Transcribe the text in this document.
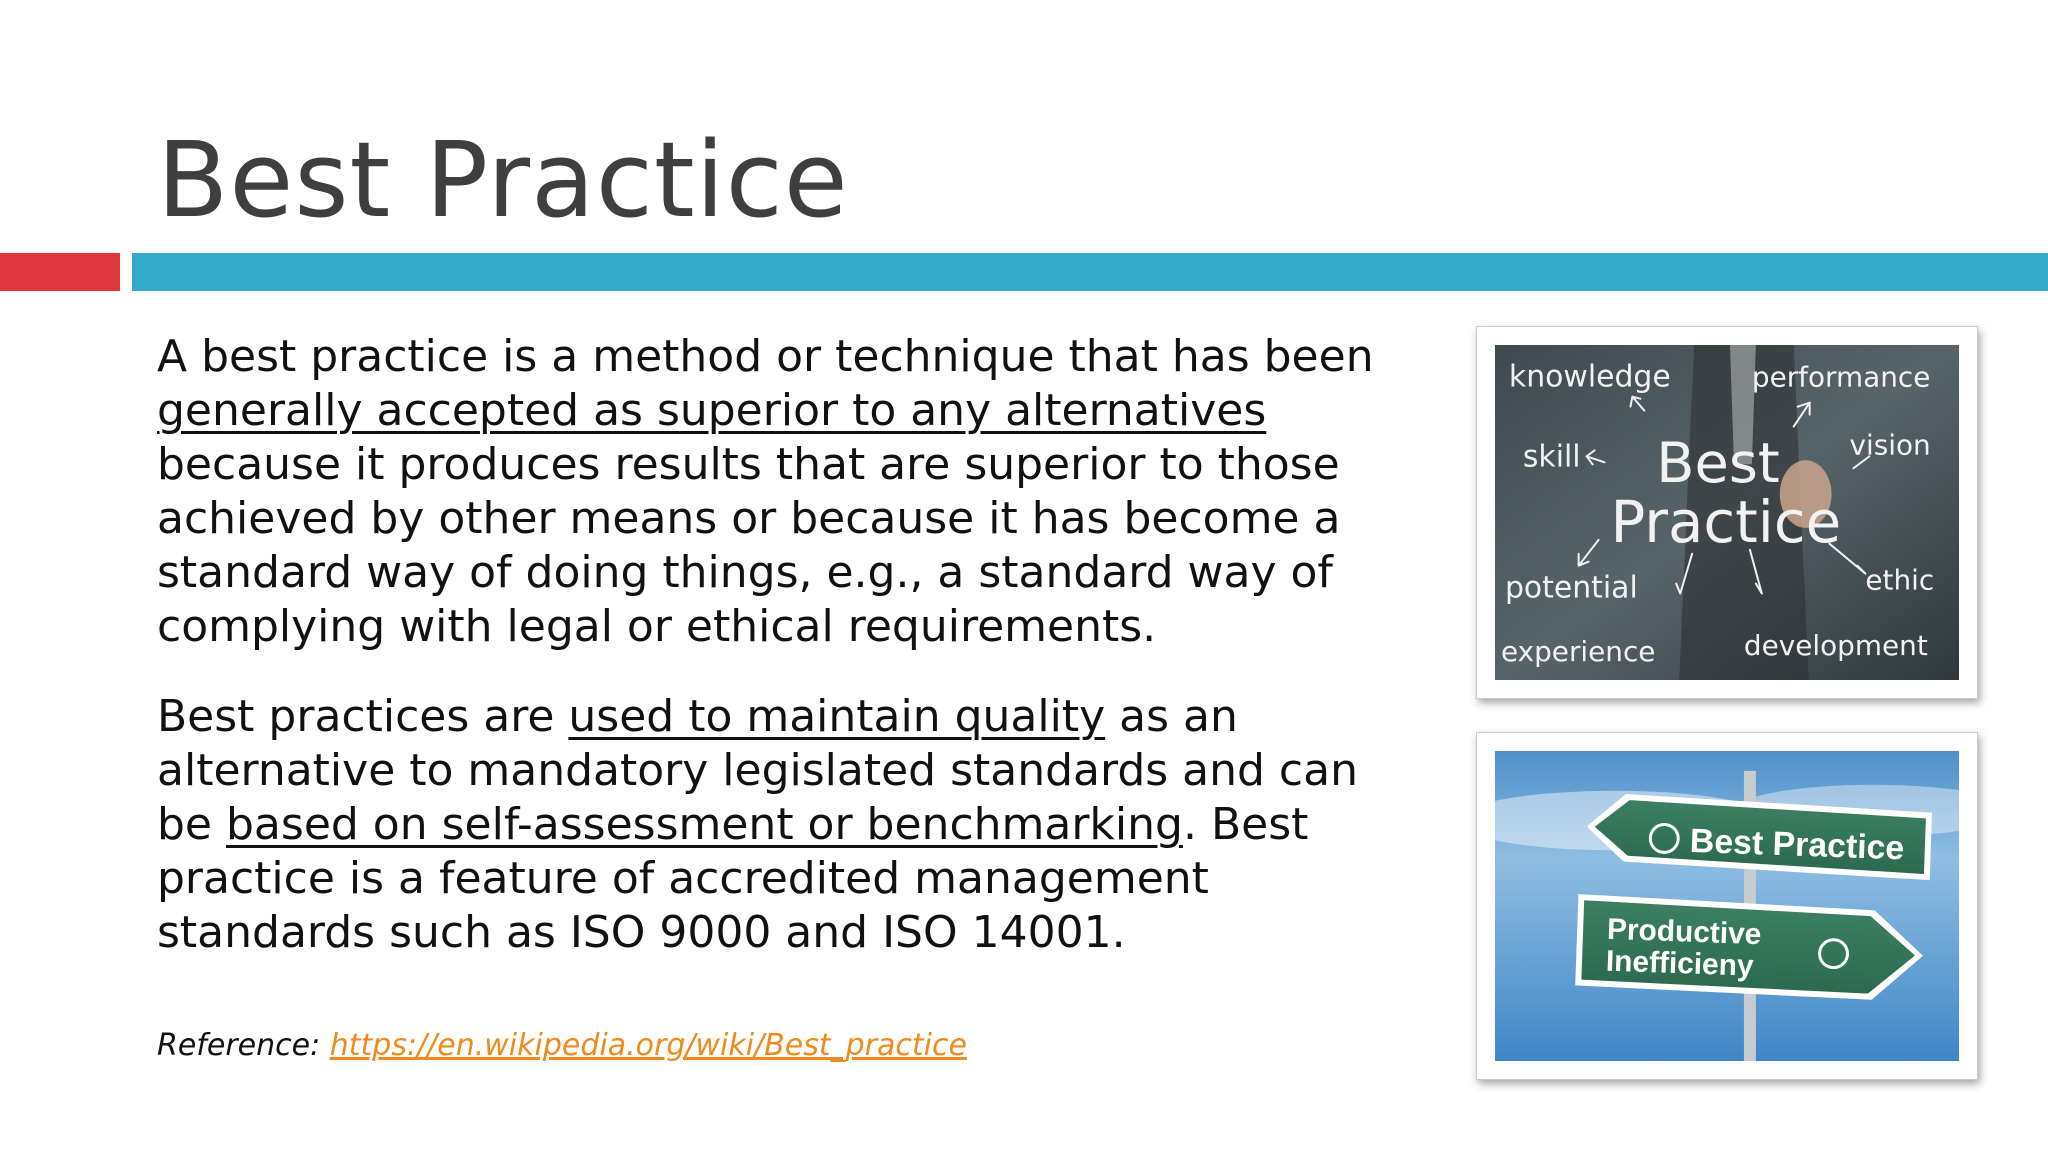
Best Practice

A best practice is a method or technique that has been generally accepted as superior to any alternatives because it produces results that are superior to those achieved by other means or because it has become a standard way of doing things, e.g., a standard way of complying with legal or ethical requirements.

Best practices are used to maintain quality as an alternative to mandatory legislated standards and can be based on self-assessment or benchmarking. Best practice is a feature of accredited management standards such as ISO 9000 and ISO 14001.

Reference: https://en.wikipedia.org/wiki/Best_practice
knowledge	performance
skill	vision
Best
Practice
potential	ethic
experience	development
Best Practice
Productive
Inefficieny
